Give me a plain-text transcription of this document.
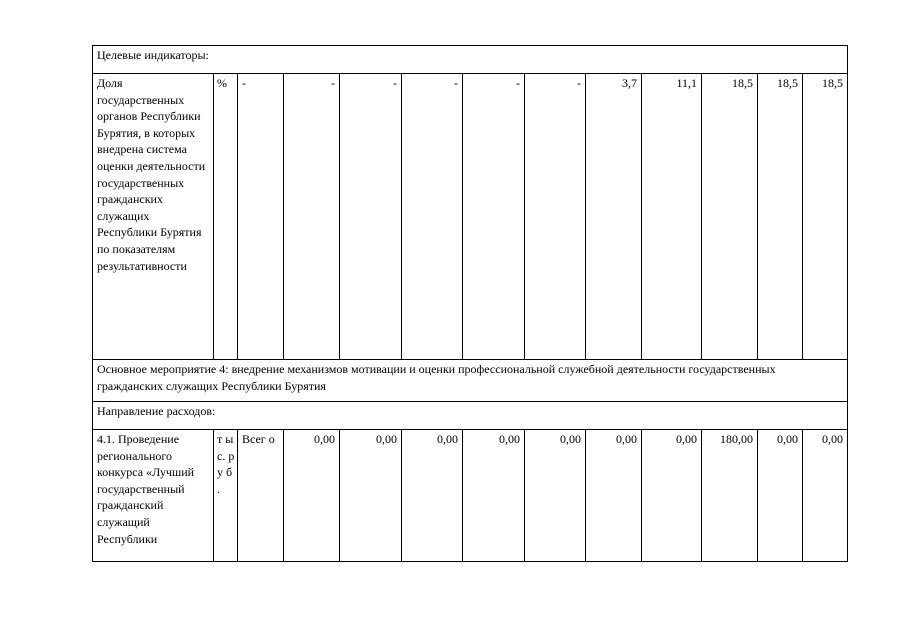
Целевые индикаторы:												
Доля государственных органов Республики Бурятия, в которых внедрена система оценки деятельности государственных гражданских служащих Республики Бурятия по показателям результативности	%	-	-	-	-	-	-	3,7	11,1	18,5	18,5	18,5
Основное мероприятие 4: внедрение механизмов мотивации и оценки профессиональной служебной деятельности государственных гражданских служащих Республики Бурятия												
Направление расходов:												
4.1. Проведение регионального конкурса «Лучший государственный гражданский служащий Республики	т ы с. р у б .	Всег о	0,00	0,00	0,00	0,00	0,00	0,00	0,00	180,00	0,00	0,00
